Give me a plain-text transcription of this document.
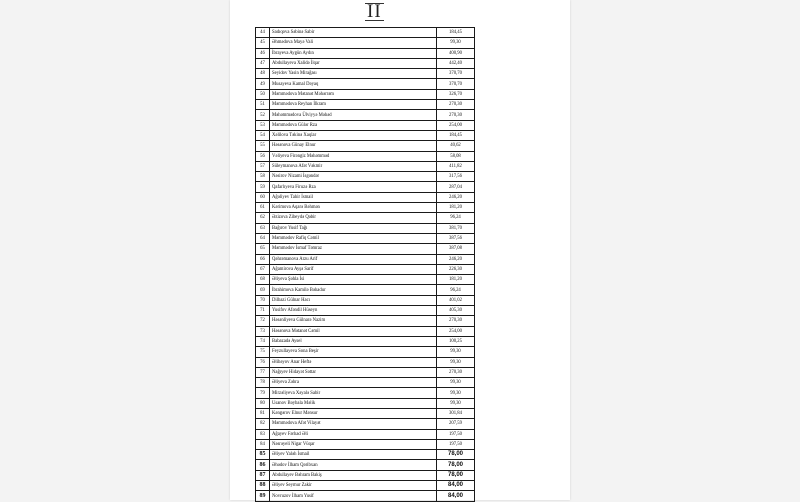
II
44	Sadıqova Səbinə Sabir	184,45
45	Əhmədova Mayə Vali	99,30
46	İbrayeva Aygün Aydın	400,90
47	Abdullayeva Xalidə İlqar	442,40
48	Seyidov Yasin Mirağası	370,70
49	Musayeva Kamal Dəyaq	370,70
50	Məmmədova Mətanət Məhərrəm	326,70
51	Məmmədova Reyhan İlkram	270,30
52	Məhəmmədova Ülviyyə Məhəd	270,30
53	Məmmədova Gülər Rza	254,00
54	Xəlilova Təkinə Xaqlar	184,45
55	Həsənova Günay Elnur	40,62
56	Vəliyeva Firəngiz Məhəmməd	58,08
57	Süleymanova Afət Vəkmir	411,82
58	Nəsirov Nizami İsgəndər	317,56
59	Qafarlıyeva Firuzə Rza	287,04
60	Ağəliyev Tahir İsmail	246,20
61	Kərimova Aqarə Bəhmən	181,20
62	Əzizova Zibeydə Qəbir	96,24
63	Bağırov Yusif Tağı	381,70
64	Məmmədov Rafiq Cəmil	387,56
65	Məmmədov İsmaf Təmraz	387,08
66	Qəhrəmanova Arzu Arif	246,20
67	Ağamirova Ayşə Sarif	226,30
68	Əliyeva Şəhla İsi	181,20
69	İbrahimova Kamilə Bəhadur	96,24
70	Dilbazi Gülnar Hacı	401,02
71	Yusifov Afəndil Hüseyn	405,30
72	Həsənliyeva Gülnarə Nazim	270,30
73	Həsənova Mətanət Cəmil	254,00
74	Babazadə Aysel	100,25
75	Feyzullayeva Sona Beşir	99,30
76	Əlibəyov Anar Heftə	99,30
77	Nağıyev Hidayət Səttar	270,30
78	Əliyeva Zəhra	99,30
79	Mirzəliyeva Xəyalə Sabir	99,30
80	Usanov Bəybala Məlik	99,30
81	Kəngərov Elnur Mənsur	301,84
82	Məmmədova Afət Vilayət	207,59
83	Ağayev Fərhad Əli	197,50
84	Nəsrəyeli Nigar Vüqar	197,50
85	Əliyev Yaləh İsmail	78,00
86	Əhədov İlham Qəribxan	78,00
87	Abdullayev Bəhram Bakiş	78,00
88	Əliyev Seymur Zakir	84,00
89	Novruzov İlham Yusif	84,00
